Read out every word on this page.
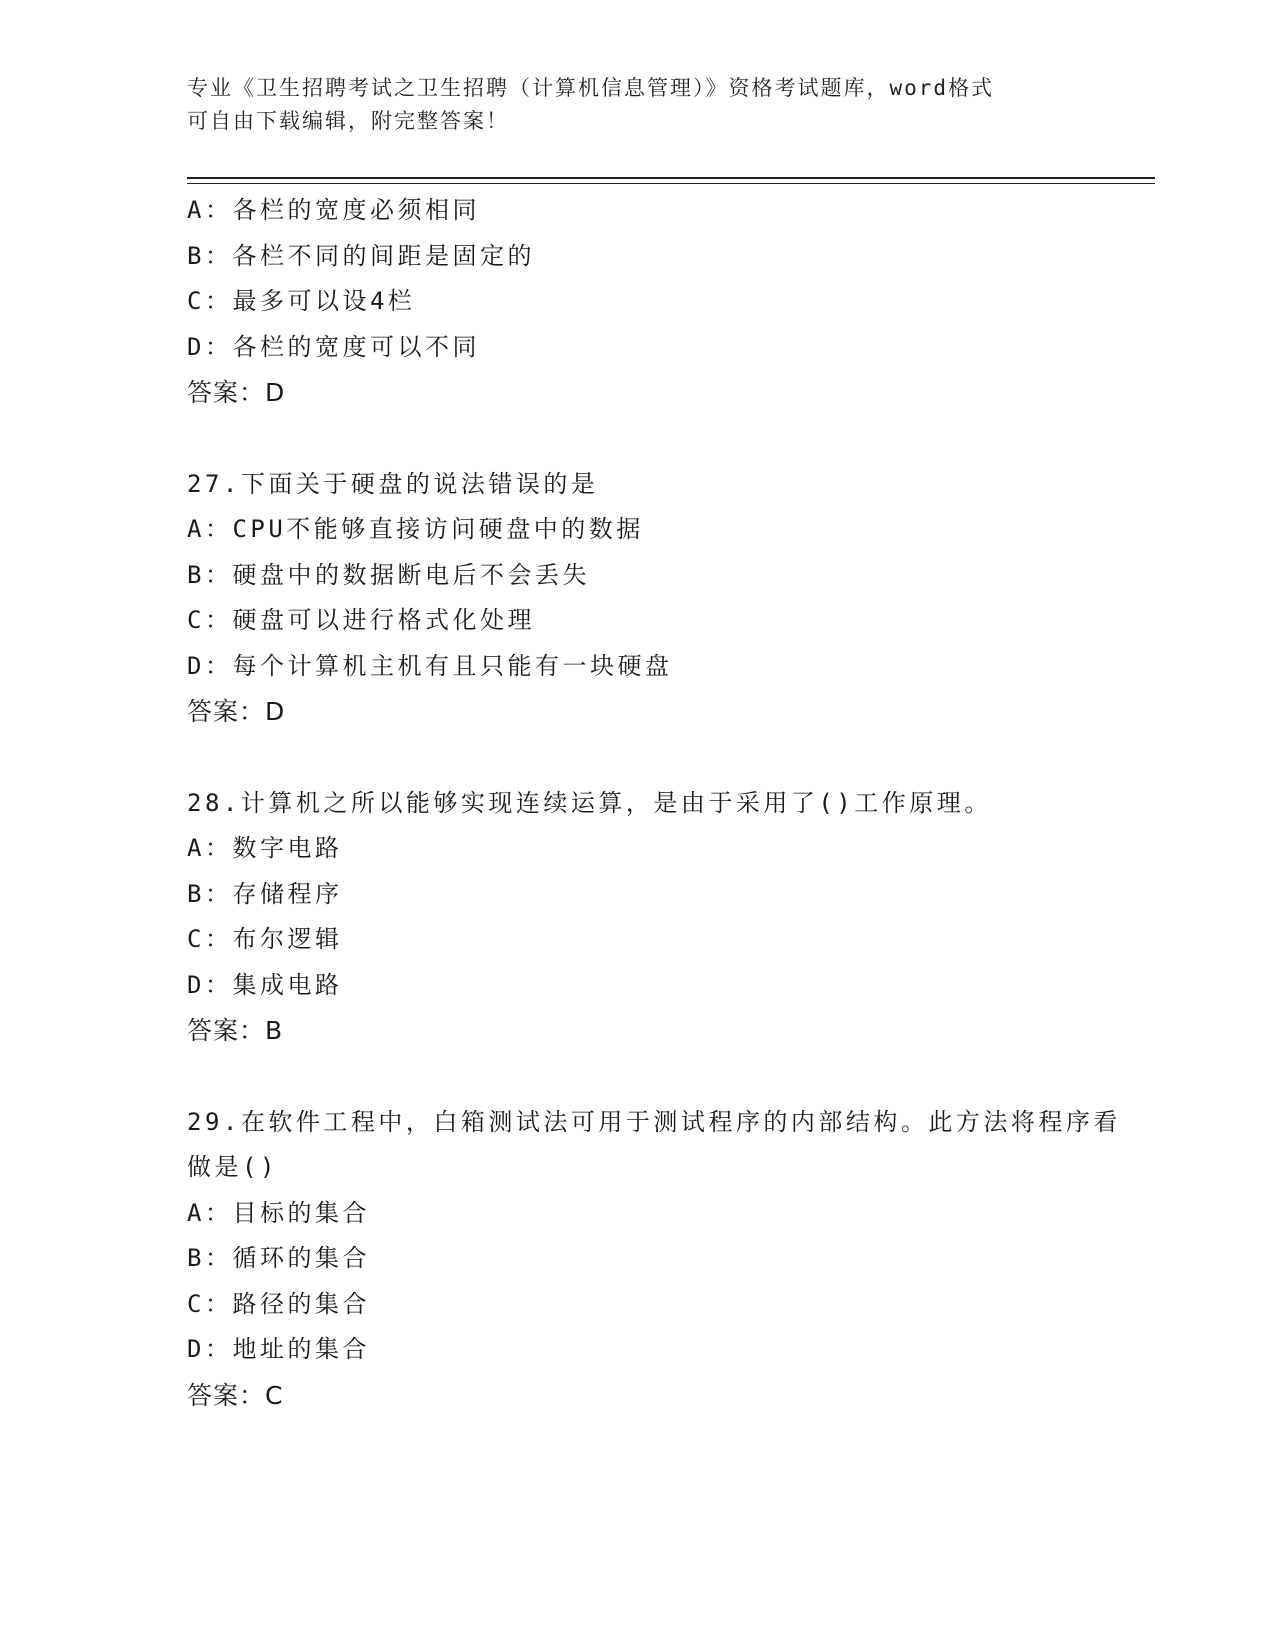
专业《卫生招聘考试之卫生招聘（计算机信息管理）》资格考试题库，word格式
可自由下载编辑，附完整答案！

A：各栏的宽度必须相同

B：各栏不同的间距是固定的

C：最多可以设4栏

D：各栏的宽度可以不同

答案：D

27.下面关于硬盘的说法错误的是

A：CPU不能够直接访问硬盘中的数据

B：硬盘中的数据断电后不会丢失

C：硬盘可以进行格式化处理

D：每个计算机主机有且只能有一块硬盘

答案：D

28.计算机之所以能够实现连续运算，是由于采用了()工作原理。

A：数字电路

B：存储程序

C：布尔逻辑

D：集成电路

答案：B

29.在软件工程中，白箱测试法可用于测试程序的内部结构。此方法将程序看做是()

A：目标的集合

B：循环的集合

C：路径的集合

D：地址的集合

答案：C
